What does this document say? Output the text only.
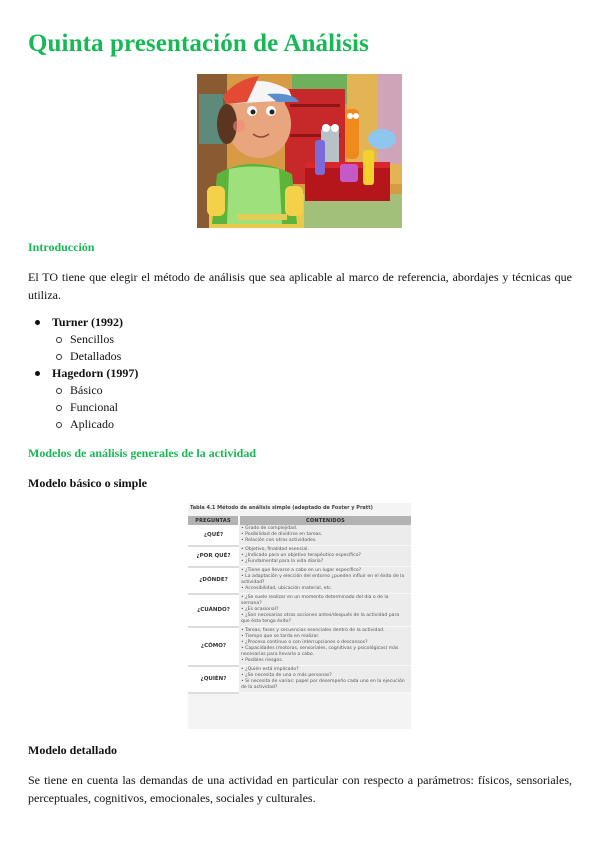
Quinta presentación de Análisis
Introducción

El TO tiene que elegir el método de análisis que sea aplicable al marco de referencia, abordajes y técnicas que utiliza.

Turner (1992)
Sencillos
Detallados
Hagedorn (1997)
Básico
Funcional
Aplicado
Modelos de análisis generales de la actividad
Modelo básico o simple
Tabla 4.1 Método de análisis simple (adaptado de Foster y Pratt)
PREGUNTAS	CONTENIDOS
¿QUÉ?	• Grado de complejidad.
• Posibilidad de dividirse en tareas.
• Relación con otras actividades.

¿POR QUÉ?	• Objetivo, finalidad esencial.
• ¿Indicado para un objetivo terapéutico específico?
• ¿Fundamental para la vida diaria?

¿DÓNDE?	• ¿Tiene que llevarse a cabo en un lugar específico?
• La adaptación y elección del entorno ¿pueden influir en el éxito de la actividad?
• Accesibilidad, ubicación material, etc.

¿CUÁNDO?	• ¿Se suele realizar en un momento determinado del día o de la semana?
• ¿Es ocasional?
• ¿Son necesarias otras acciones antes/después de la actividad para que ésta tenga éxito?

¿CÓMO?	• Tareas, fases y secuencias esenciales dentro de la actividad.
• Tiempo que se tarda en realizar.
• ¿Proceso continuo o con interrupciones o descansos?
• Capacidades (motoras, sensoriales, cognitivas y psicológicas) más necesarias para llevarla a cabo.
• Posibles riesgos.

¿QUIÉN?	• ¿Quién está implicado?
• ¿Se necesita de una o más personas?
• Si necesita de varias: papel por desempeño cada uno en la ejecución de la actividad?
Modelo detallado

Se tiene en cuenta las demandas de una actividad en particular con respecto a parámetros: físicos, sensoriales, perceptuales, cognitivos, emocionales, sociales y culturales.
